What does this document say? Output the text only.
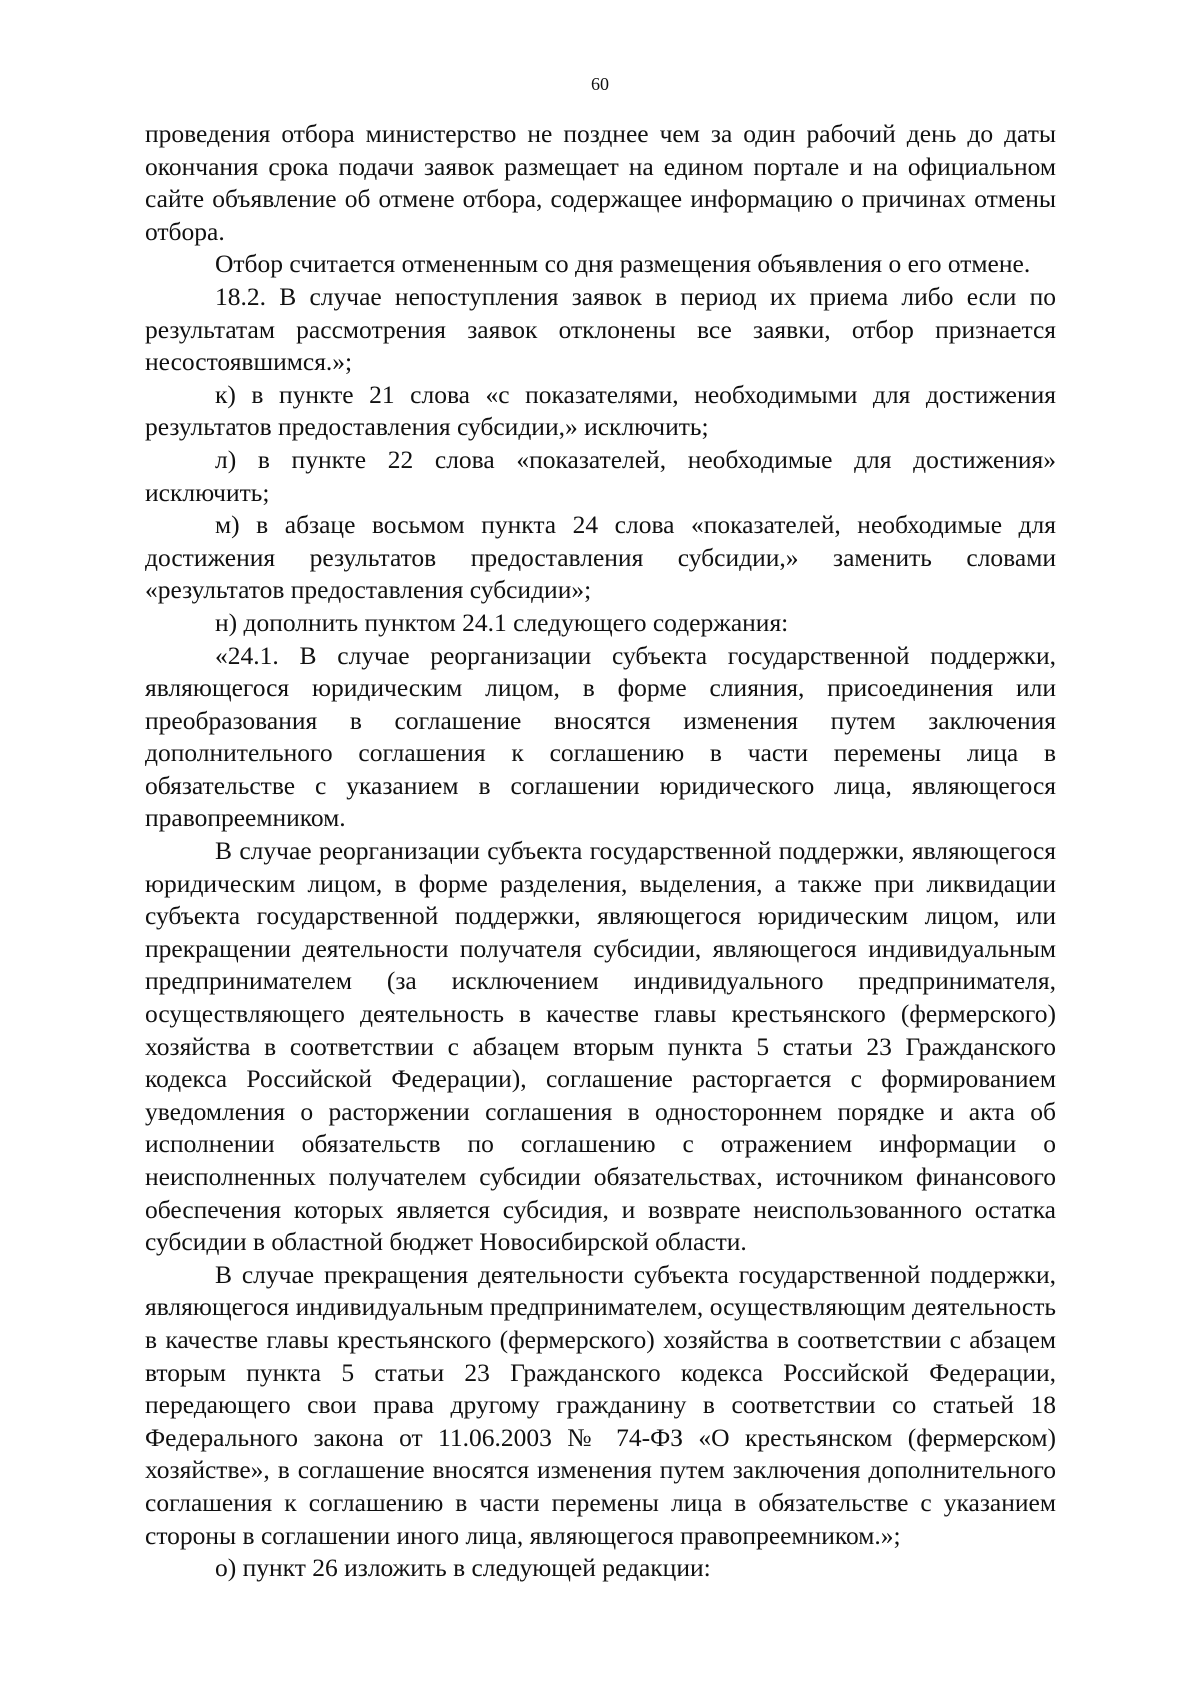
60

проведения отбора министерство не позднее чем за один рабочий день до даты окончания срока подачи заявок размещает на едином портале и на официальном сайте объявление об отмене отбора, содержащее информацию о причинах отмены отбора.

Отбор считается отмененным со дня размещения объявления о его отмене.

18.2. В случае непоступления заявок в период их приема либо если по результатам рассмотрения заявок отклонены все заявки, отбор признается несостоявшимся.»;

к) в пункте 21 слова «с показателями, необходимыми для достижения результатов предоставления субсидии,» исключить;

л) в пункте 22 слова «показателей, необходимые для достижения» исключить;

м) в абзаце восьмом пункта 24 слова «показателей, необходимые для достижения результатов предоставления субсидии,» заменить словами «результатов предоставления субсидии»;

н) дополнить пунктом 24.1 следующего содержания:

«24.1. В случае реорганизации субъекта государственной поддержки, являющегося юридическим лицом, в форме слияния, присоединения или преобразования в соглашение вносятся изменения путем заключения дополнительного соглашения к соглашению в части перемены лица в обязательстве с указанием в соглашении юридического лица, являющегося правопреемником.

В случае реорганизации субъекта государственной поддержки, являющегося юридическим лицом, в форме разделения, выделения, а также при ликвидации субъекта государственной поддержки, являющегося юридическим лицом, или прекращении деятельности получателя субсидии, являющегося индивидуальным предпринимателем (за исключением индивидуального предпринимателя, осуществляющего деятельность в качестве главы крестьянского (фермерского) хозяйства в соответствии с абзацем вторым пункта 5 статьи 23 Гражданского кодекса Российской Федерации), соглашение расторгается с формированием уведомления о расторжении соглашения в одностороннем порядке и акта об исполнении обязательств по соглашению с отражением информации о неисполненных получателем субсидии обязательствах, источником финансового обеспечения которых является субсидия, и возврате неиспользованного остатка субсидии в областной бюджет Новосибирской области.

В случае прекращения деятельности субъекта государственной поддержки, являющегося индивидуальным предпринимателем, осуществляющим деятельность в качестве главы крестьянского (фермерского) хозяйства в соответствии с абзацем вторым пункта 5 статьи 23 Гражданского кодекса Российской Федерации, передающего свои права другому гражданину в соответствии со статьей 18 Федерального закона от 11.06.2003 № 74-ФЗ «О крестьянском (фермерском) хозяйстве», в соглашение вносятся изменения путем заключения дополнительного соглашения к соглашению в части перемены лица в обязательстве с указанием стороны в соглашении иного лица, являющегося правопреемником.»;

о) пункт 26 изложить в следующей редакции:
